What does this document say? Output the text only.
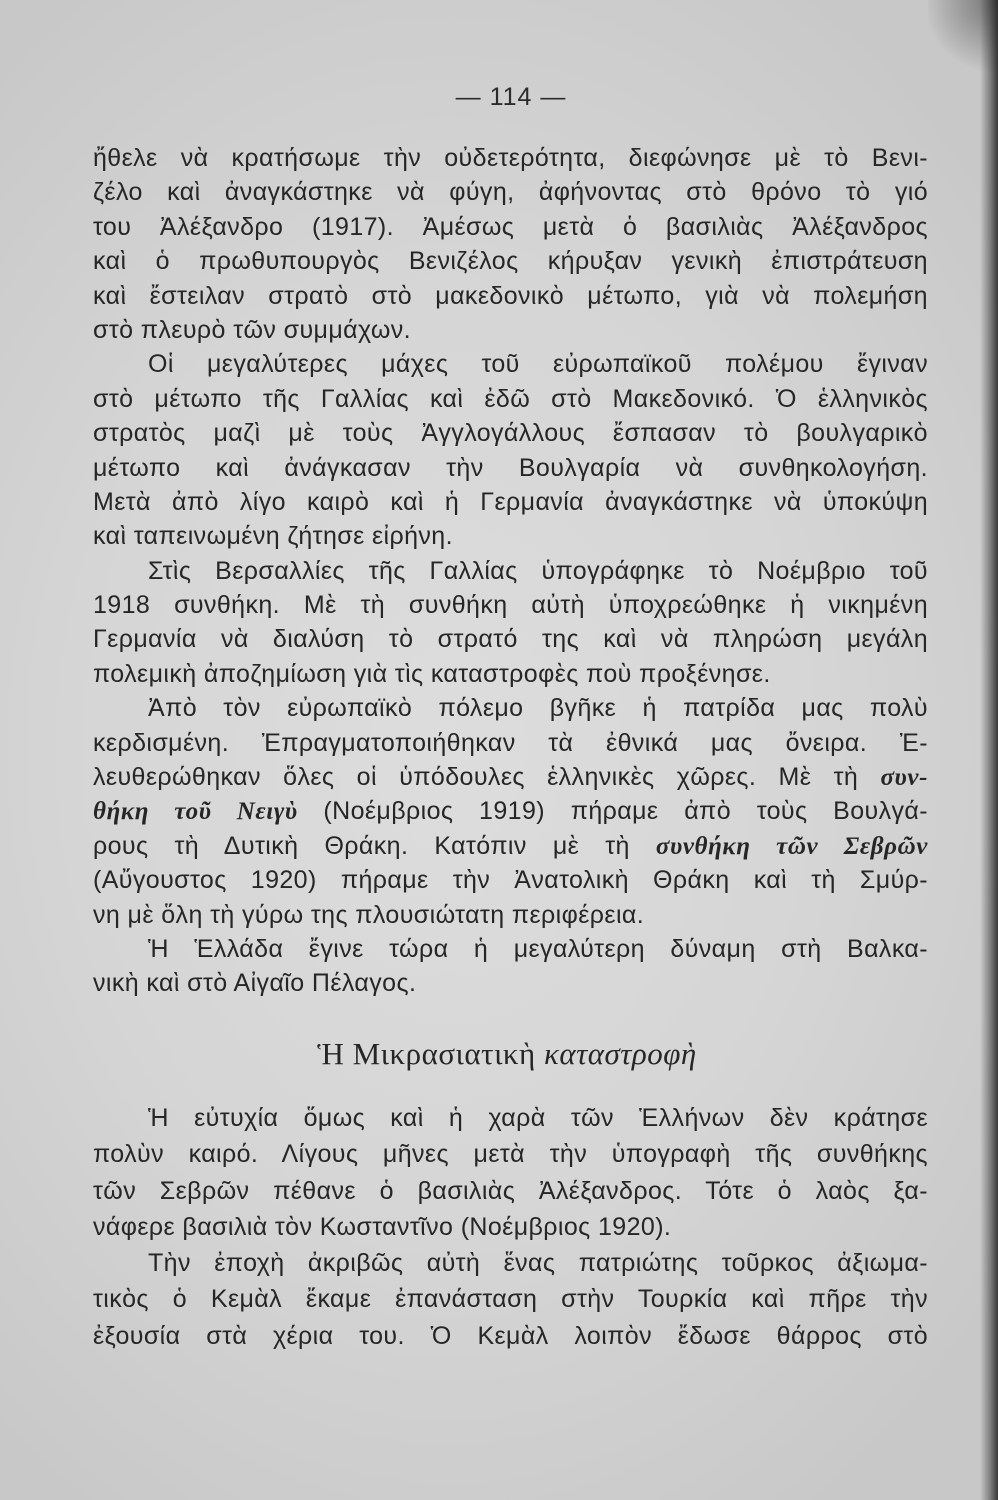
— 114 —
ἤθελε νὰ κρατήσωμε τὴν οὐδετερότητα, διεφώνησε μὲ τὸ Βενι-
ζέλο καὶ ἀναγκάστηκε νὰ φύγη, ἀφήνοντας στὸ θρόνο τὸ γιό
του Ἀλέξανδρο (1917). Ἀμέσως μετὰ ὁ βασιλιὰς Ἀλέξανδρος
καὶ ὁ πρωθυπουργὸς Βενιζέλος κήρυξαν γενικὴ ἐπιστράτευση
καὶ ἔστειλαν στρατὸ στὸ μακεδονικὸ μέτωπο, γιὰ νὰ πολεμήση
στὸ πλευρὸ τῶν συμμάχων.
Οἱ μεγαλύτερες μάχες τοῦ εὐρωπαϊκοῦ πολέμου ἔγιναν
στὸ μέτωπο τῆς Γαλλίας καὶ ἐδῶ στὸ Μακεδονικό. Ὁ ἑλληνικὸς
στρατὸς μαζὶ μὲ τοὺς Ἀγγλογάλλους ἔσπασαν τὸ βουλγαρικὸ
μέτωπο καὶ ἀνάγκασαν τὴν Βουλγαρία νὰ συνθηκολογήση.
Μετὰ ἀπὸ λίγο καιρὸ καὶ ἡ Γερμανία ἀναγκάστηκε νὰ ὑποκύψη
καὶ ταπεινωμένη ζήτησε εἰρήνη.
Στὶς Βερσαλλίες τῆς Γαλλίας ὑπογράφηκε τὸ Νοέμβριο τοῦ
1918 συνθήκη. Μὲ τὴ συνθήκη αὐτὴ ὑποχρεώθηκε ἡ νικημένη
Γερμανία νὰ διαλύση τὸ στρατό της καὶ νὰ πληρώση μεγάλη
πολεμικὴ ἀποζημίωση γιὰ τὶς καταστροφὲς ποὺ προξένησε.
Ἀπὸ τὸν εὐρωπαϊκὸ πόλεμο βγῆκε ἡ πατρίδα μας πολὺ
κερδισμένη. Ἐπραγματοποιήθηκαν τὰ ἐθνικά μας ὄνειρα. Ἐ-
λευθερώθηκαν ὅλες οἱ ὑπόδουλες ἑλληνικὲς χῶρες. Μὲ τὴ συν-
θήκη τοῦ Νειγὺ (Νοέμβριος 1919) πήραμε ἀπὸ τοὺς Βουλγά-
ρους τὴ Δυτικὴ Θράκη. Κατόπιν μὲ τὴ συνθήκη τῶν Σεβρῶν
(Αὔγουστος 1920) πήραμε τὴν Ἀνατολικὴ Θράκη καὶ τὴ Σμύρ-
νη μὲ ὅλη τὴ γύρω της πλουσιώτατη περιφέρεια.
Ἡ Ἑλλάδα ἔγινε τώρα ἡ μεγαλύτερη δύναμη στὴ Βαλκα-
νικὴ καὶ στὸ Αἰγαῖο Πέλαγος.
Ἡ Μικρασιατικὴ καταστροφὴ
Ἡ εὐτυχία ὅμως καὶ ἡ χαρὰ τῶν Ἑλλήνων δὲν κράτησε
πολὺν καιρό. Λίγους μῆνες μετὰ τὴν ὑπογραφὴ τῆς συνθήκης
τῶν Σεβρῶν πέθανε ὁ βασιλιὰς Ἀλέξανδρος. Τότε ὁ λαὸς ξα-
νάφερε βασιλιὰ τὸν Κωσταντῖνο (Νοέμβριος 1920).
Τὴν ἐποχὴ ἀκριβῶς αὐτὴ ἕνας πατριώτης τοῦρκος ἀξιωμα-
τικὸς ὁ Κεμὰλ ἔκαμε ἐπανάσταση στὴν Τουρκία καὶ πῆρε τὴν
ἐξουσία στὰ χέρια του. Ὁ Κεμὰλ λοιπὸν ἔδωσε θάρρος στὸ
